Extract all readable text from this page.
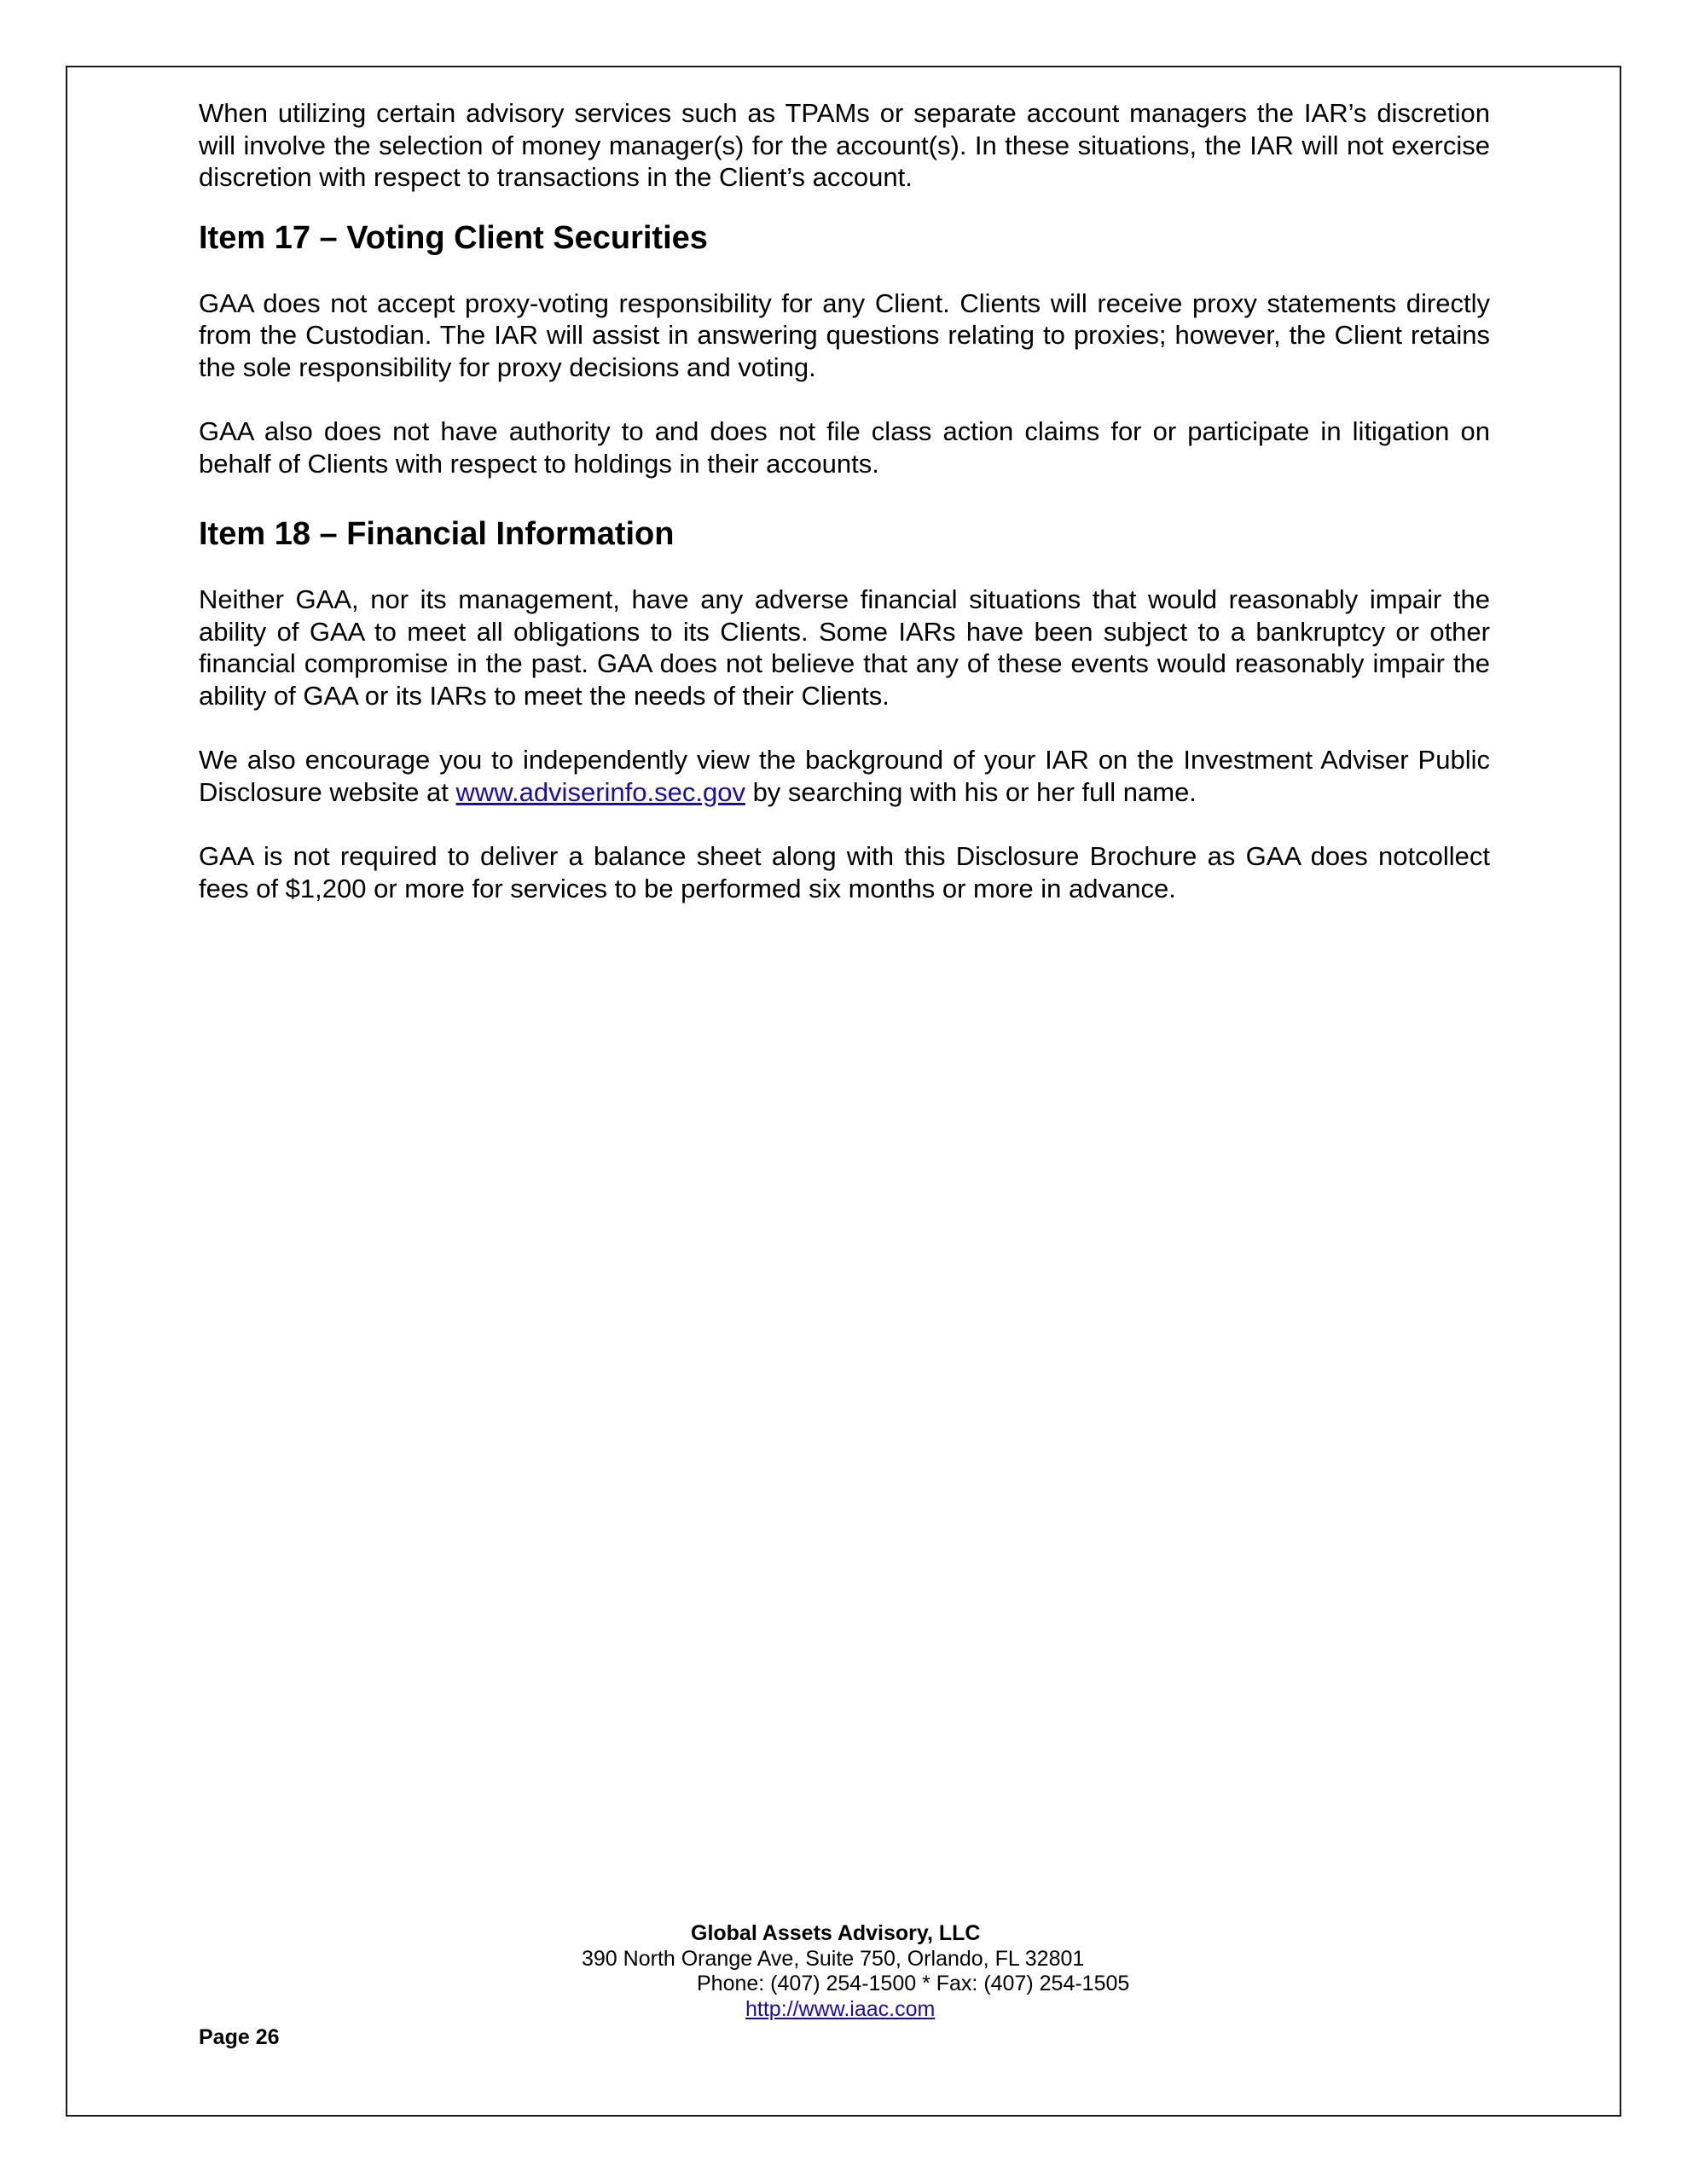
When utilizing certain advisory services such as TPAMs or separate account managers the IAR’s discretion will involve the selection of money manager(s) for the account(s). In these situations, the IAR will not exercise discretion with respect to transactions in the Client’s account.

Item 17 – Voting Client Securities

GAA does not accept proxy-voting responsibility for any Client. Clients will receive proxy statements directly from the Custodian. The IAR will assist in answering questions relating to proxies; however, the Client retains the sole responsibility for proxy decisions and voting.

GAA also does not have authority to and does not file class action claims for or participate in litigation on behalf of Clients with respect to holdings in their accounts.

Item 18 – Financial Information

Neither GAA, nor its management, have any adverse financial situations that would reasonably impair the ability of GAA to meet all obligations to its Clients. Some IARs have been subject to a bankruptcy or other financial compromise in the past. GAA does not believe that any of these events would reasonably impair the ability of GAA or its IARs to meet the needs of their Clients.

We also encourage you to independently view the background of your IAR on the Investment Adviser Public Disclosure website at www.adviserinfo.sec.gov by searching with his or her full name.

GAA is not required to deliver a balance sheet along with this Disclosure Brochure as GAA does notcollect fees of $1,200 or more for services to be performed six months or more in advance.

Global Assets Advisory, LLC
390 North Orange Ave, Suite 750, Orlando, FL 32801
Phone: (407) 254-1500 * Fax: (407) 254-1505
http://www.iaac.com
Page 26
